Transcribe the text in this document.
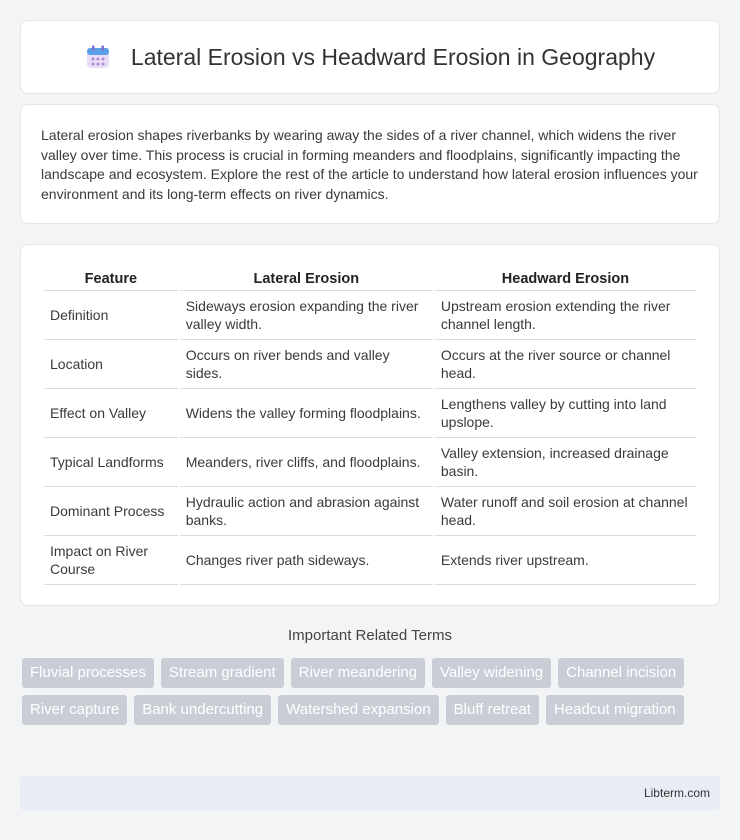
Lateral Erosion vs Headward Erosion in Geography

Lateral erosion shapes riverbanks by wearing away the sides of a river channel, which widens the river valley over time. This process is crucial in forming meanders and floodplains, significantly impacting the landscape and ecosystem. Explore the rest of the article to understand how lateral erosion influences your environment and its long-term effects on river dynamics.

Feature	Lateral Erosion	Headward Erosion
Definition	Sideways erosion expanding the river valley width.	Upstream erosion extending the river channel length.
Location	Occurs on river bends and valley sides.	Occurs at the river source or channel head.
Effect on Valley	Widens the valley forming floodplains.	Lengthens valley by cutting into land upslope.
Typical Landforms	Meanders, river cliffs, and floodplains.	Valley extension, increased drainage basin.
Dominant Process	Hydraulic action and abrasion against banks.	Water runoff and soil erosion at channel head.
Impact on River Course	Changes river path sideways.	Extends river upstream.
Important Related Terms
Fluvial processes	Stream gradient	River meandering	Valley widening	Channel incision
River capture	Bank undercutting	Watershed expansion	Bluff retreat	Headcut migration
Libterm.com
